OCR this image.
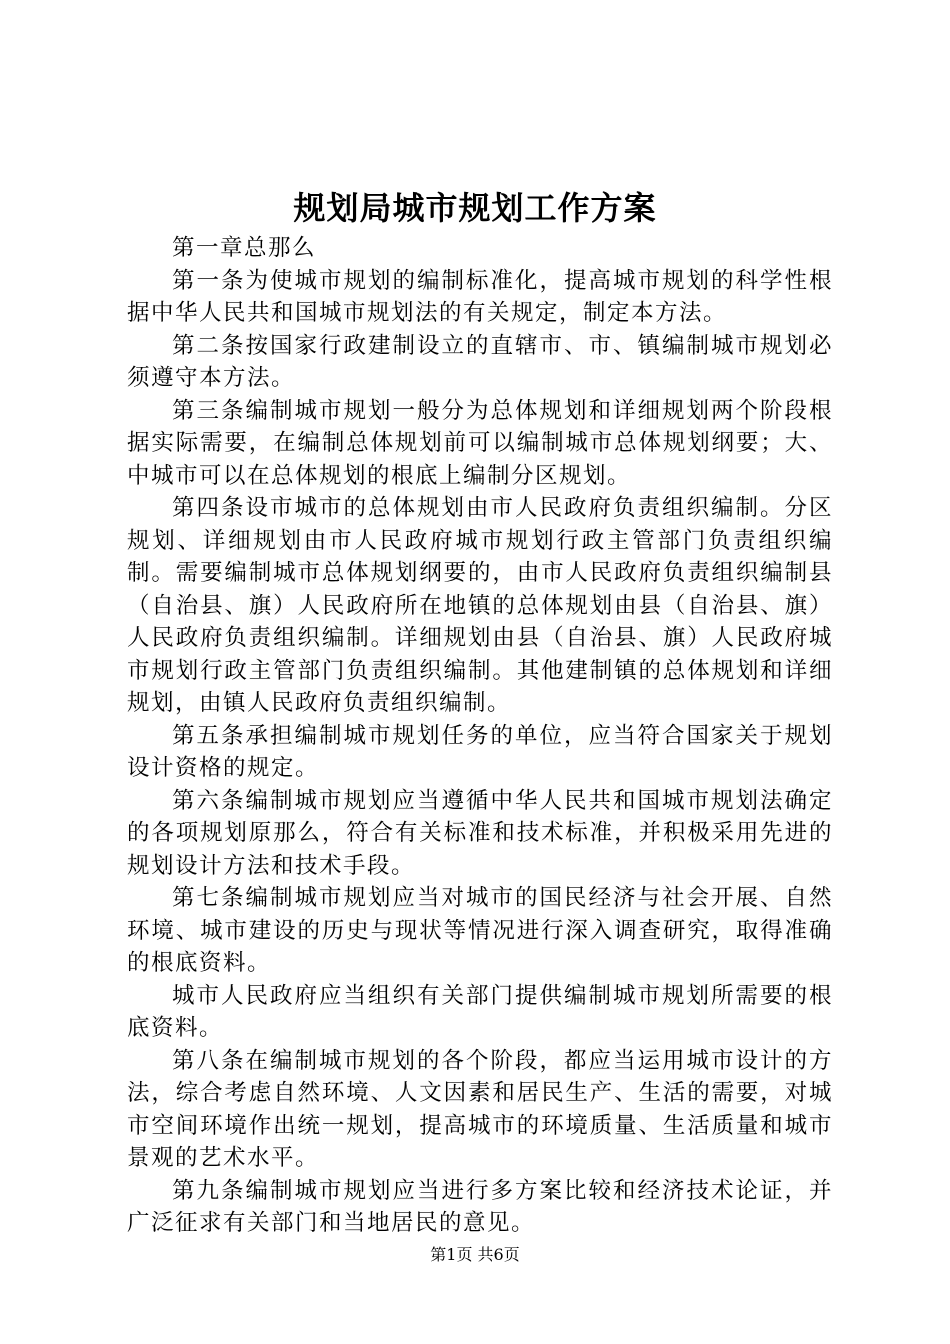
规划局城市规划工作方案

第一章总那么

第一条为使城市规划的编制标准化，提高城市规划的科学性根据中华人民共和国城市规划法的有关规定，制定本方法。

第二条按国家行政建制设立的直辖市、市、镇编制城市规划必须遵守本方法。

第三条编制城市规划一般分为总体规划和详细规划两个阶段根据实际需要，在编制总体规划前可以编制城市总体规划纲要；大、中城市可以在总体规划的根底上编制分区规划。

第四条设市城市的总体规划由市人民政府负责组织编制。分区规划、详细规划由市人民政府城市规划行政主管部门负责组织编制。需要编制城市总体规划纲要的，由市人民政府负责组织编制县（自治县、旗）人民政府所在地镇的总体规划由县（自治县、旗）人民政府负责组织编制。详细规划由县（自治县、旗）人民政府城市规划行政主管部门负责组织编制。其他建制镇的总体规划和详细规划，由镇人民政府负责组织编制。

第五条承担编制城市规划任务的单位，应当符合国家关于规划设计资格的规定。

第六条编制城市规划应当遵循中华人民共和国城市规划法确定的各项规划原那么，符合有关标准和技术标准，并积极采用先进的规划设计方法和技术手段。

第七条编制城市规划应当对城市的国民经济与社会开展、自然环境、城市建设的历史与现状等情况进行深入调查研究，取得准确的根底资料。

城市人民政府应当组织有关部门提供编制城市规划所需要的根底资料。

第八条在编制城市规划的各个阶段，都应当运用城市设计的方法，综合考虑自然环境、人文因素和居民生产、生活的需要，对城市空间环境作出统一规划，提高城市的环境质量、生活质量和城市景观的艺术水平。

第九条编制城市规划应当进行多方案比较和经济技术论证，并广泛征求有关部门和当地居民的意见。

第1页 共6页
